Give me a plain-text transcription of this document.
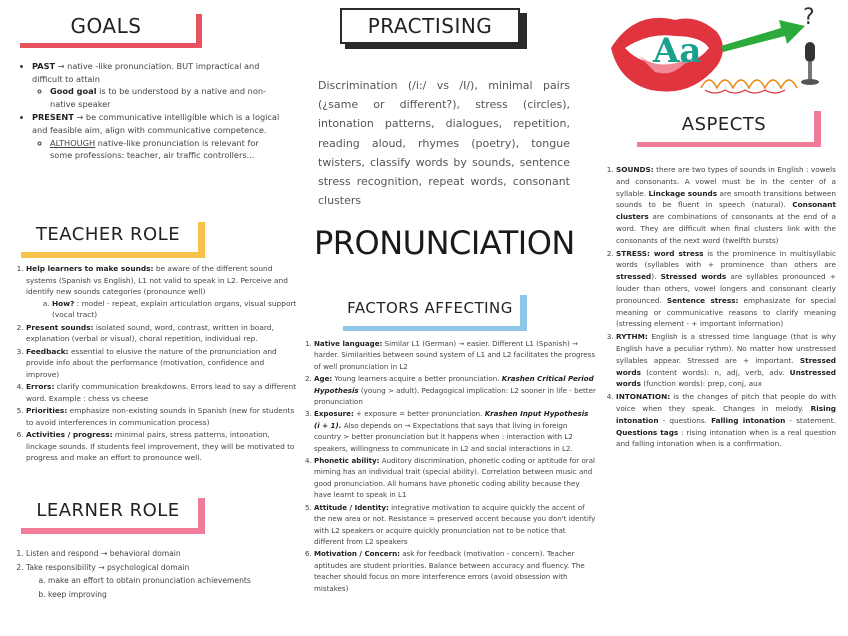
GOALS
• PAST → native -like pronunciation. BUT impractical and difficult to attain
◦ Good goal is to be understood by a native and non-native speaker
• PRESENT → be communicative intelligible which is a logical and feasible aim, align with communicative competence.
◦ ALTHOUGH native-like pronunciation is relevant for some professions: teacher, air traffic controllers...
PRACTISING
Discrimination (/i:/ vs /I/), minimal pairs (¿same or different?), stress (circles), intonation patterns, dialogues, repetition, reading aloud, rhymes (poetry), tongue twisters, classify words by sounds, sentence stress recognition, repeat words, consonant clusters
Aa
?
PRONUNCIATION
TEACHER ROLE
1. Help learners to make sounds: be aware of the different sound systems (Spanish vs English), L1 not valid to speak in L2. Perceive and identify new sounds categories (pronounce well)
a. How? : model - repeat, explain articulation organs, visual support (vocal tract)
2. Present sounds: isolated sound, word, contrast, written in board, explanation (verbal or visual), choral repetition, individual rep.
3. Feedback: essential to elusive the nature of the pronunciation and provide info about the performance (motivation, confidence and improve)
4. Errors: clarify communication breakdowns. Errors lead to say a different word. Example : chess vs cheese
5. Priorities: emphasize non-existing sounds in Spanish (new for students to avoid interferences in communication process)
6. Activities / progress: minimal pairs, stress patterns, intonation, linckage sounds. If students feel improvement, they will be motivated to progress and make an effort to pronounce well.
LEARNER ROLE
1. Listen and respond → behavioral domain
2. Take responsibility → psychological domain
a. make an effort to obtain pronunciation achievements
b. keep improving
FACTORS AFFECTING
1. Native language: Similar L1 (German) → easier. Different L1 (Spanish) → harder. Similarities between sound system of L1 and L2 facilitates the progress of well pronunciation in L2
2. Age: Young learners acquire a better pronunciation. Krashen Critical Period Hypothesis (young > adult). Pedagogical implication: L2 sooner in life - better pronunciation
3. Exposure: + exposure = better pronunciation. Krashen Input Hypothesis (i + 1). Also depends on → Expectations that says that living in foreign country > better pronunciation but it happens when : interaction with L2 speakers, willingness to communicate in L2 and social interactions in L2.
4. Phonetic ability: Auditory discrimination, phonetic coding or aptitude for oral miming has an individual trait (special ability). Correlation between music and good pronunciation. All humans have phonetic coding ability because they have learnt to speak in L1
5. Attitude / Identity: integrative motivation to acquire quickly the accent of the new area or not. Resistance = preserved accent because you don't identify with L2 speakers or acquire quickly pronunciation not to be notice that different from L2 speakers
6. Motivation / Concern: ask for feedback (motivation - concern). Teacher aptitudes are student priorities. Balance between accuracy and fluency. The teacher should focus on more interference errors (avoid obsession with mistakes)
ASPECTS
1. SOUNDS: there are two types of sounds in English : vowels and consonants. A vowel must be in the center of a syllable. Linckage sounds are smooth transitions between sounds to be fluent in speech (natural). Consonant clusters are combinations of consonants at the end of a word. They are difficult when final clusters link with the consonants of the next word (twelfth bursts)
2. STRESS: word stress is the prominence in multisyllabic words (syllables with + prominence than others are stressed). Stressed words are syllables pronounced + louder than others, vowel longers and consonant clearly pronounced. Sentence stress: emphasizate for special meaning or communicative reasons to clarify meaning (stressing element - + important information)
3. RYTHM: English is a stressed time language (that is why English have a peculiar rythm). No matter how unstressed syllables appear. Stressed are + important. Stressed words (content words): n, adj, verb, adv. Unstressed words (function words): prep, conj, aux
4. INTONATION: is the changes of pitch that people do with voice when they speak. Changes in melody. Rising intonation - questions. Falling intonation - statement. Questions tags : rising intonation when is a real question and falling intonation when is a confirmation.
